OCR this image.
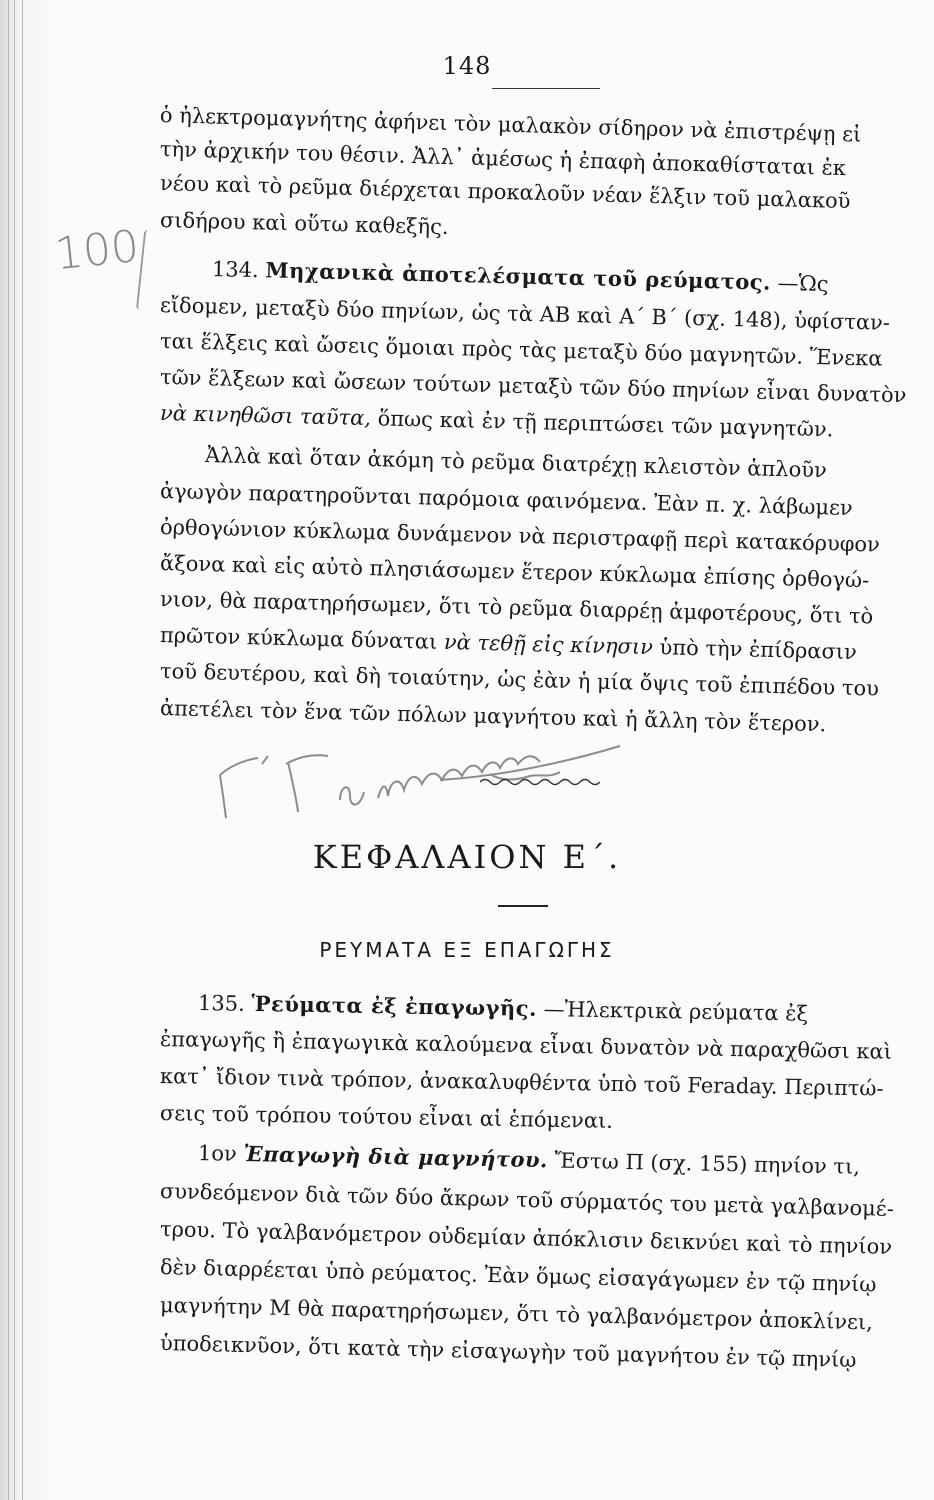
148
100
ὁ ἠλεκτρομαγνήτης ἀφήνει τὸν μαλακὸν σίδηρον νὰ ἐπιστρέψῃ εἰ
τὴν ἀρχικήν του θέσιν. Ἀλλ᾽ ἀμέσως ἡ ἐπαφὴ ἀποκαθίσταται ἐκ
νέου καὶ τὸ ρεῦμα διέρχεται προκαλοῦν νέαν ἕλξιν τοῦ μαλακοῦ
σιδήρου καὶ οὕτω καθεξῆς.
134. Μηχανικὰ ἀποτελέσματα τοῦ ρεύματος. —Ὡς
εἴδομεν, μεταξὺ δύο πηνίων, ὡς τὰ ΑΒ καὶ Α΄ Β΄ (σχ. 148), ὑφίσταν-
ται ἕλξεις καὶ ὤσεις ὅμοιαι πρὸς τὰς μεταξὺ δύο μαγνητῶν. Ἕνεκα
τῶν ἕλξεων καὶ ὤσεων τούτων μεταξὺ τῶν δύο πηνίων εἶναι δυνατὸν
νὰ κινηθῶσι ταῦτα, ὅπως καὶ ἐν τῇ περιπτώσει τῶν μαγνητῶν.
Ἀλλὰ καὶ ὅταν ἀκόμη τὸ ρεῦμα διατρέχῃ κλειστὸν ἁπλοῦν
ἀγωγὸν παρατηροῦνται παρόμοια φαινόμενα. Ἐὰν π. χ. λάβωμεν
ὀρθογώνιον κύκλωμα δυνάμενον νὰ περιστραφῇ περὶ κατακόρυφον
ἄξονα καὶ εἰς αὐτὸ πλησιάσωμεν ἕτερον κύκλωμα ἐπίσης ὀρθογώ-
νιον, θὰ παρατηρήσωμεν, ὅτι τὸ ρεῦμα διαρρέῃ ἀμφοτέρους, ὅτι τὸ
πρῶτον κύκλωμα δύναται νὰ τεθῇ εἰς κίνησιν ὑπὸ τὴν ἐπίδρασιν
τοῦ δευτέρου, καὶ δὴ τοιαύτην, ὡς ἐὰν ἡ μία ὄψις τοῦ ἐπιπέδου του
ἀπετέλει τὸν ἕνα τῶν πόλων μαγνήτου καὶ ἡ ἄλλη τὸν ἕτερον.
ΚΕΦΑΛΑΙΟΝ Ε΄.
ΡΕΥΜΑΤΑ ΕΞ ΕΠΑΓΩΓΗΣ
135. Ῥεύματα ἐξ ἐπαγωγῆς. —Ἠλεκτρικὰ ρεύματα ἐξ
ἐπαγωγῆς ἢ ἐπαγωγικὰ καλούμενα εἶναι δυνατὸν νὰ παραχθῶσι καὶ
κατ᾽ ἴδιον τινὰ τρόπον, ἀνακαλυφθέντα ὑπὸ τοῦ Feraday. Περιπτώ-
σεις τοῦ τρόπου τούτου εἶναι αἱ ἑπόμεναι.
1ον Ἐπαγωγὴ διὰ μαγνήτου. Ἔστω Π (σχ. 155) πηνίον τι,
συνδεόμενον διὰ τῶν δύο ἄκρων τοῦ σύρματός του μετὰ γαλβανομέ-
τρου. Τὸ γαλβανόμετρον οὐδεμίαν ἀπόκλισιν δεικνύει καὶ τὸ πηνίον
δὲν διαρρέεται ὑπὸ ρεύματος. Ἐὰν ὅμως εἰσαγάγωμεν ἐν τῷ πηνίῳ
μαγνήτην Μ θὰ παρατηρήσωμεν, ὅτι τὸ γαλβανόμετρον ἀποκλίνει,
ὑποδεικνῦον, ὅτι κατὰ τὴν εἰσαγωγὴν τοῦ μαγνήτου ἐν τῷ πηνίῳ
